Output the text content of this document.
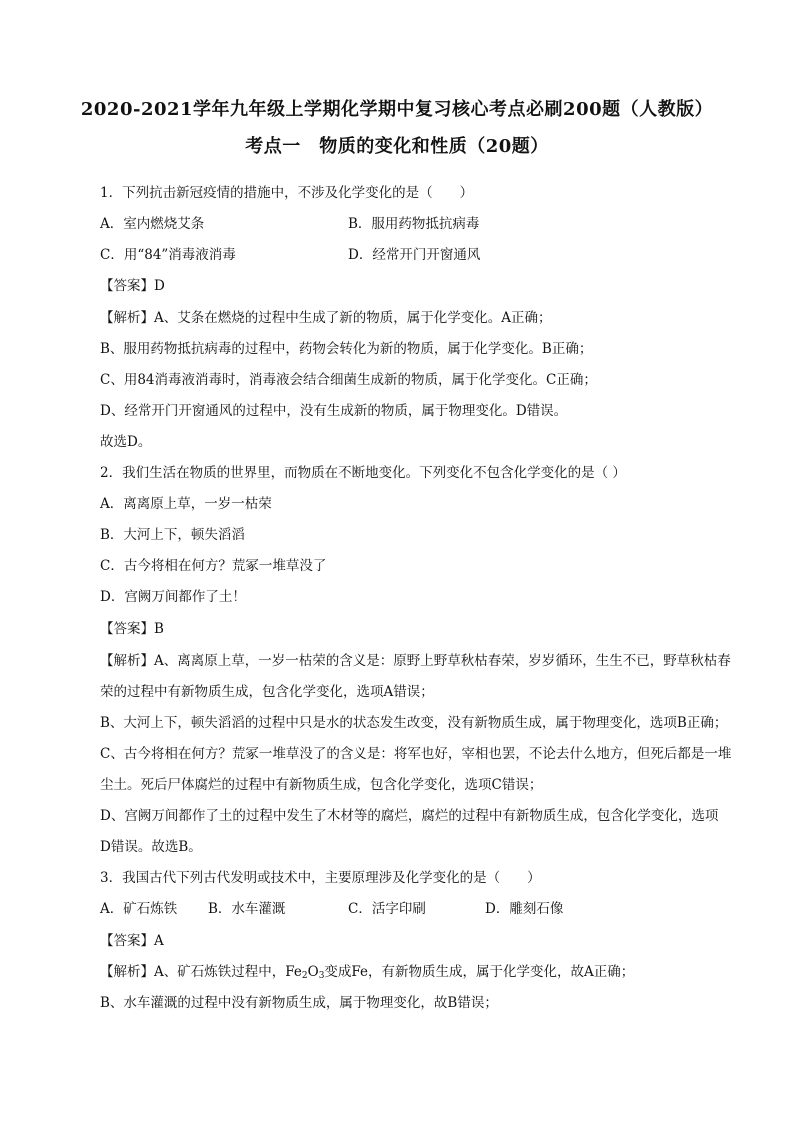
2020-2021学年九年级上学期化学期中复习核心考点必刷200题（人教版）
考点一　物质的变化和性质（20题）
1．下列抗击新冠疫情的措施中，不涉及化学变化的是（　　）
A．室内燃烧艾条	B．服用药物抵抗病毒
C．用“84”消毒液消毒	D．经常开门开窗通风
【答案】D
【解析】A、艾条在燃烧的过程中生成了新的物质，属于化学变化。A正确；
B、服用药物抵抗病毒的过程中，药物会转化为新的物质，属于化学变化。B正确；
C、用84消毒液消毒时，消毒液会结合细菌生成新的物质，属于化学变化。C正确；
D、经常开门开窗通风的过程中，没有生成新的物质，属于物理变化。D错误。
故选D。
2．我们生活在物质的世界里，而物质在不断地变化。下列变化不包含化学变化的是（ ）
A．离离原上草，一岁一枯荣
B．大河上下，顿失滔滔
C．古今将相在何方？荒冢一堆草没了
D．宫阙万间都作了土！
【答案】B
【解析】A、离离原上草，一岁一枯荣的含义是：原野上野草秋枯春荣，岁岁循环，生生不已，野草秋枯春
荣的过程中有新物质生成，包含化学变化，选项A错误；
B、大河上下，顿失滔滔的过程中只是水的状态发生改变，没有新物质生成，属于物理变化，选项B正确；
C、古今将相在何方？荒冢一堆草没了的含义是：将军也好，宰相也罢，不论去什么地方，但死后都是一堆
尘土。死后尸体腐烂的过程中有新物质生成，包含化学变化，选项C错误；
D、宫阙万间都作了土的过程中发生了木材等的腐烂，腐烂的过程中有新物质生成，包含化学变化，选项
D错误。故选B。
3．我国古代下列古代发明或技术中，主要原理涉及化学变化的是（　　）
A．矿石炼铁 B．水车灌溉	C．活字印刷	D．雕刻石像
【答案】A
【解析】A、矿石炼铁过程中，$Fe_2O_3$变成Fe，有新物质生成，属于化学变化，故A正确；
B、水车灌溉的过程中没有新物质生成，属于物理变化，故B错误；
